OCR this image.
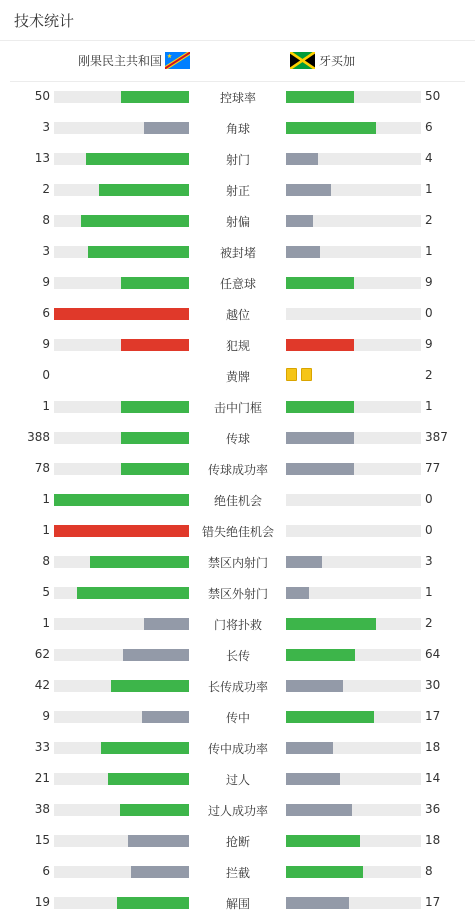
技术统计
刚果民主共和国	牙买加
50	控球率	50
3	角球	6
13	射门	4
2	射正	1
8	射偏	2
3	被封堵	1
9	任意球	9
6	越位	0
9	犯规	9
0	黄牌	2
1	击中门框	1
388	传球	387
78	传球成功率	77
1	绝佳机会	0
1	错失绝佳机会	0
8	禁区内射门	3
5	禁区外射门	1
1	门将扑救	2
62	长传	64
42	长传成功率	30
9	传中	17
33	传中成功率	18
21	过人	14
38	过人成功率	36
15	抢断	18
6	拦截	8
19	解围	17
